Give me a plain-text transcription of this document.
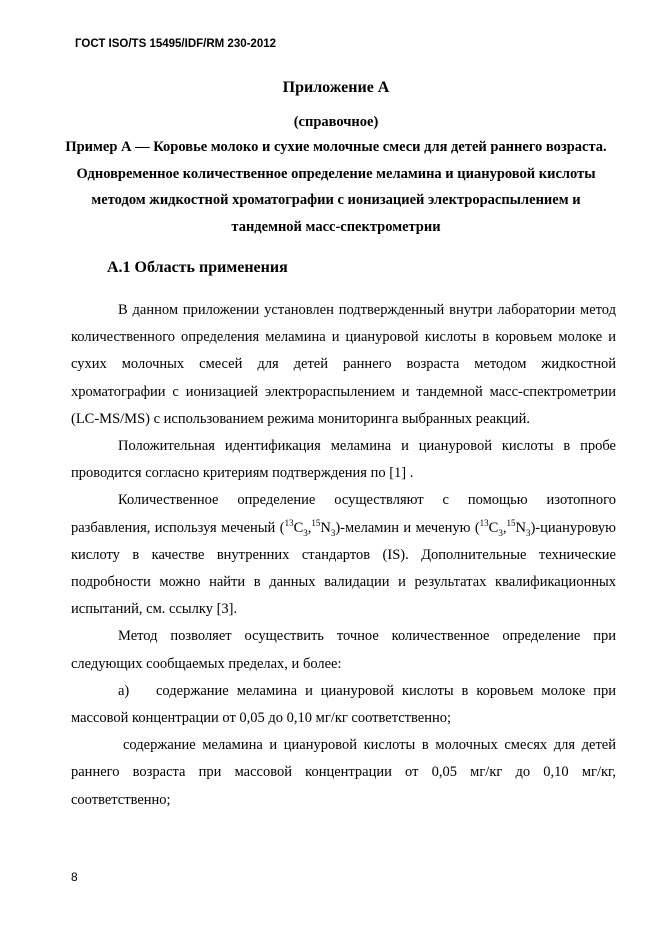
ГОСТ ISO/TS 15495/IDF/RM 230-2012
Приложение А
(справочное)
Пример А — Коровье молоко и сухие молочные смеси для детей раннего возраста. Одновременное количественное определение меламина и циануровой кислоты методом жидкостной хроматографии с ионизацией электрораспылением и тандемной масс-спектрометрии
А.1 Область применения

В данном приложении установлен подтвержденный внутри лаборатории метод количественного определения меламина и циануровой кислоты в коровьем молоке и сухих молочных смесей для детей раннего возраста методом жидкостной хроматографии с ионизацией электрораспылением и тандемной масс-спектрометрии (LC-MS/MS) с использованием режима мониторинга выбранных реакций.

Положительная идентификация меламина и циануровой кислоты в пробе проводится согласно критериям подтверждения по [1] .

Количественное определение осуществляют с помощью изотопного разбавления, используя меченый $(^{13}C_3,^{15}N_3)$-меламин и меченую $(^{13}C_3,^{15}N_3)$-циануровую кислоту в качестве внутренних стандартов (IS). Дополнительные технические подробности можно найти в данных валидации и результатах квалификационных испытаний, см. ссылку [3].

Метод позволяет осуществить точное количественное определение при следующих сообщаемых пределах, и более:

а) содержание меламина и циануровой кислоты в коровьем молоке при массовой концентрации от 0,05 до 0,10 мг/кг соответственно;

содержание меламина и циануровой кислоты в молочных смесях для детей раннего возраста при массовой концентрации от 0,05 мг/кг до 0,10 мг/кг, соответственно;

8
